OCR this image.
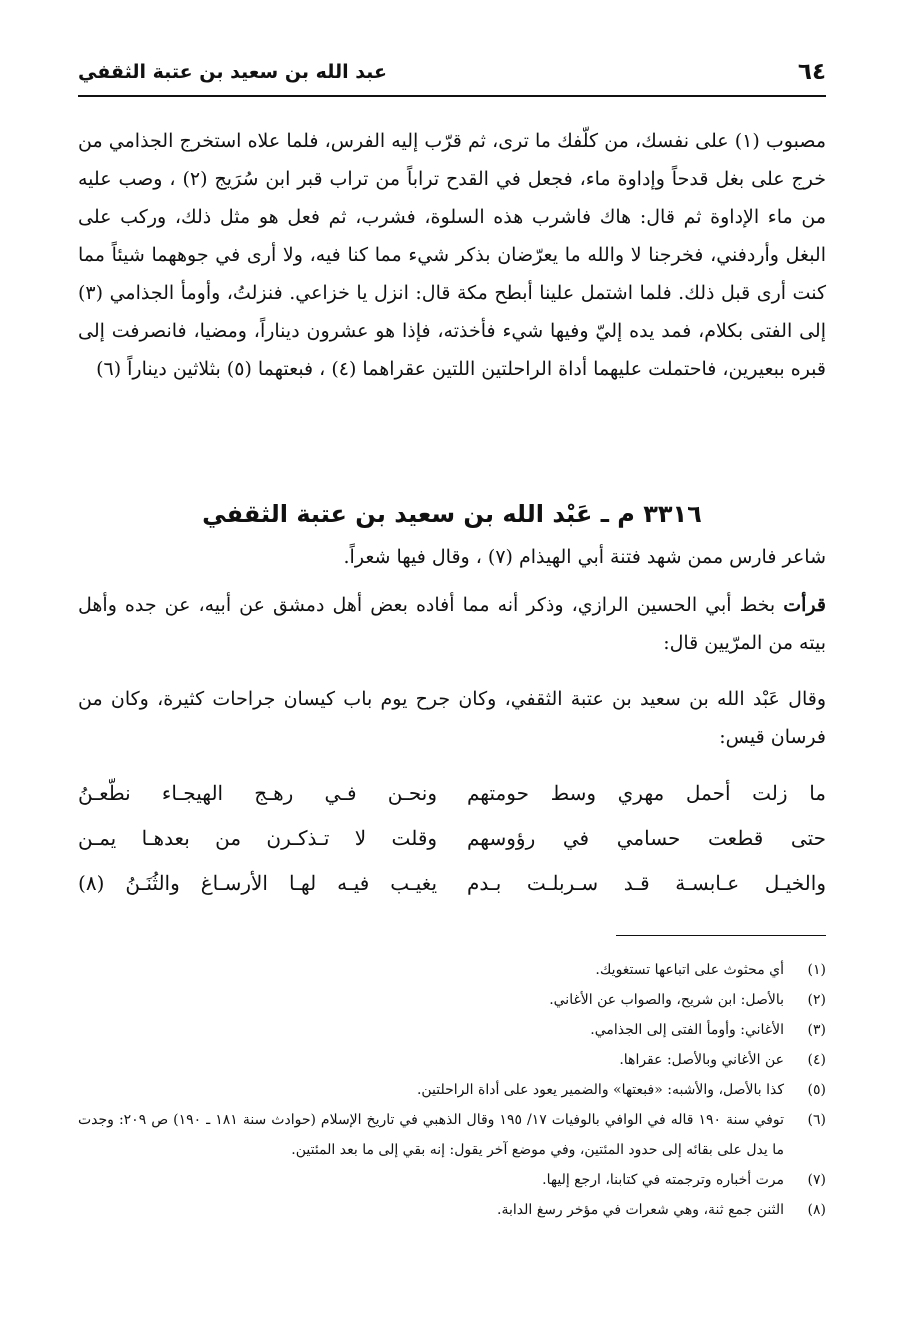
٦٤
عبد الله بن سعيد بن عتبة الثقفي
مصبوب (١) على نفسك، من كلّفك ما ترى، ثم قرّب إليه الفرس، فلما علاه استخرج الجذامي من خرج على بغل قدحاً وإداوة ماء، فجعل في القدح تراباً من تراب قبر ابن سُرَيج (٢) ، وصب عليه من ماء الإداوة ثم قال: هاك فاشرب هذه السلوة، فشرب، ثم فعل هو مثل ذلك، وركب على البغل وأردفني، فخرجنا لا والله ما يعرّضان بذكر شيء مما كنا فيه، ولا أرى في جوههما شيئاً مما كنت أرى قبل ذلك. فلما اشتمل علينا أبطح مكة قال: انزل يا خزاعي. فنزلتُ، وأومأ الجذامي (٣) إلى الفتى بكلام، فمد يده إليّ وفيها شيء فأخذته، فإذا هو عشرون ديناراً، ومضيا، فانصرفت إلى قبره ببعيرين، فاحتملت عليهما أداة الراحلتين اللتين عقراهما (٤) ، فبعتهما (٥) بثلاثين ديناراً (٦)
٣٣١٦ م ـ عَبْد الله بن سعيد بن عتبة الثقفي
شاعر فارس ممن شهد فتنة أبي الهيذام (٧) ، وقال فيها شعراً.
قرأت بخط أبي الحسين الرازي، وذكر أنه مما أفاده بعض أهل دمشق عن أبيه، عن جده وأهل بيته من المرّيين قال:
وقال عَبْد الله بن سعيد بن عتبة الثقفي، وكان جرح يوم باب كيسان جراحات كثيرة، وكان من فرسان قيس:
ما زلت أحمل مهري وسط حومتهم
ونحـن فـي رهـج الهيجـاء نطّعـنُ
حتى قطعت حسامي في رؤوسهم
وقلت لا تـذكـرن من بعدهـا يمـن
والخيـل عـابسـة قـد سـربلـت بـدم
يغيـب فيـه لهـا الأرسـاغ والثُنَـنُ (٨)
(١)
أي محثوث على اتباعها تستغويك.
(٢)
بالأصل: ابن شريح، والصواب عن الأغاني.
(٣)
الأغاني: وأومأ الفتى إلى الجذامي.
(٤)
عن الأغاني وبالأصل: عقراها.
(٥)
كذا بالأصل، والأشبه: «فبعتها» والضمير يعود على أداة الراحلتين.
(٦)
توفي سنة ١٩٠ قاله في الوافي بالوفيات ١٧/ ١٩٥ وقال الذهبي في تاريخ الإسلام (حوادث سنة ١٨١ ـ ١٩٠) ص ٢٠٩: وجدت ما يدل على بقائه إلى حدود المئتين، وفي موضع آخر يقول: إنه بقي إلى ما بعد المئتين.
(٧)
مرت أخباره وترجمته في كتابنا، ارجع إليها.
(٨)
الثنن جمع ثنة، وهي شعرات في مؤخر رسغ الدابة.
